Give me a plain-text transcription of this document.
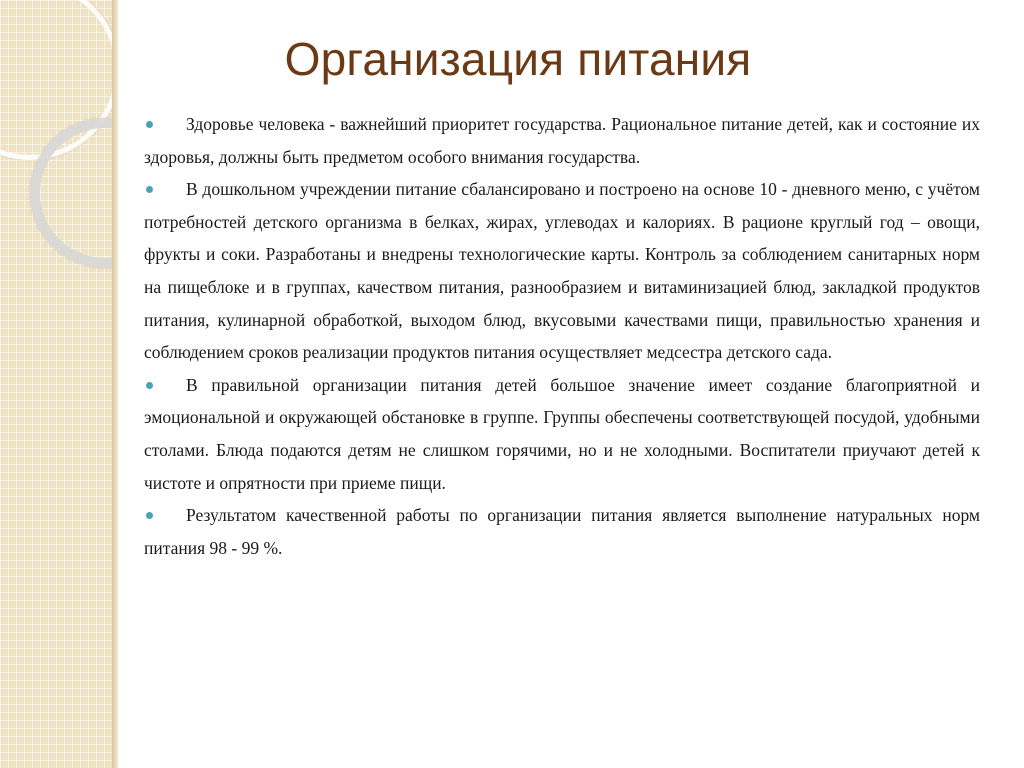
Организация питания

Здоровье человека - важнейший приоритет государства. Рациональное питание детей, как и состояние их здоровья, должны быть предметом особого внимания государства.

В дошкольном учреждении питание сбалансировано и построено на основе 10 - дневного меню, с учётом потребностей детского организма в белках, жирах, углеводах и калориях. В рационе круглый год – овощи, фрукты и соки. Разработаны и внедрены технологические карты. Контроль за соблюдением санитарных норм на пищеблоке и в группах, качеством питания, разнообразием и витаминизацией блюд, закладкой продуктов питания, кулинарной обработкой, выходом блюд, вкусовыми качествами пищи, правильностью хранения и соблюдением сроков реализации продуктов питания осуществляет медсестра детского сада.

В правильной организации питания детей большое значение имеет создание благоприятной и эмоциональной и окружающей обстановке в группе. Группы обеспечены соответствующей посудой, удобными столами. Блюда подаются детям не слишком горячими, но и не холодными. Воспитатели приучают детей к чистоте и опрятности при приеме пищи.

Результатом качественной работы по организации питания является выполнение натуральных норм питания 98 - 99 %.
